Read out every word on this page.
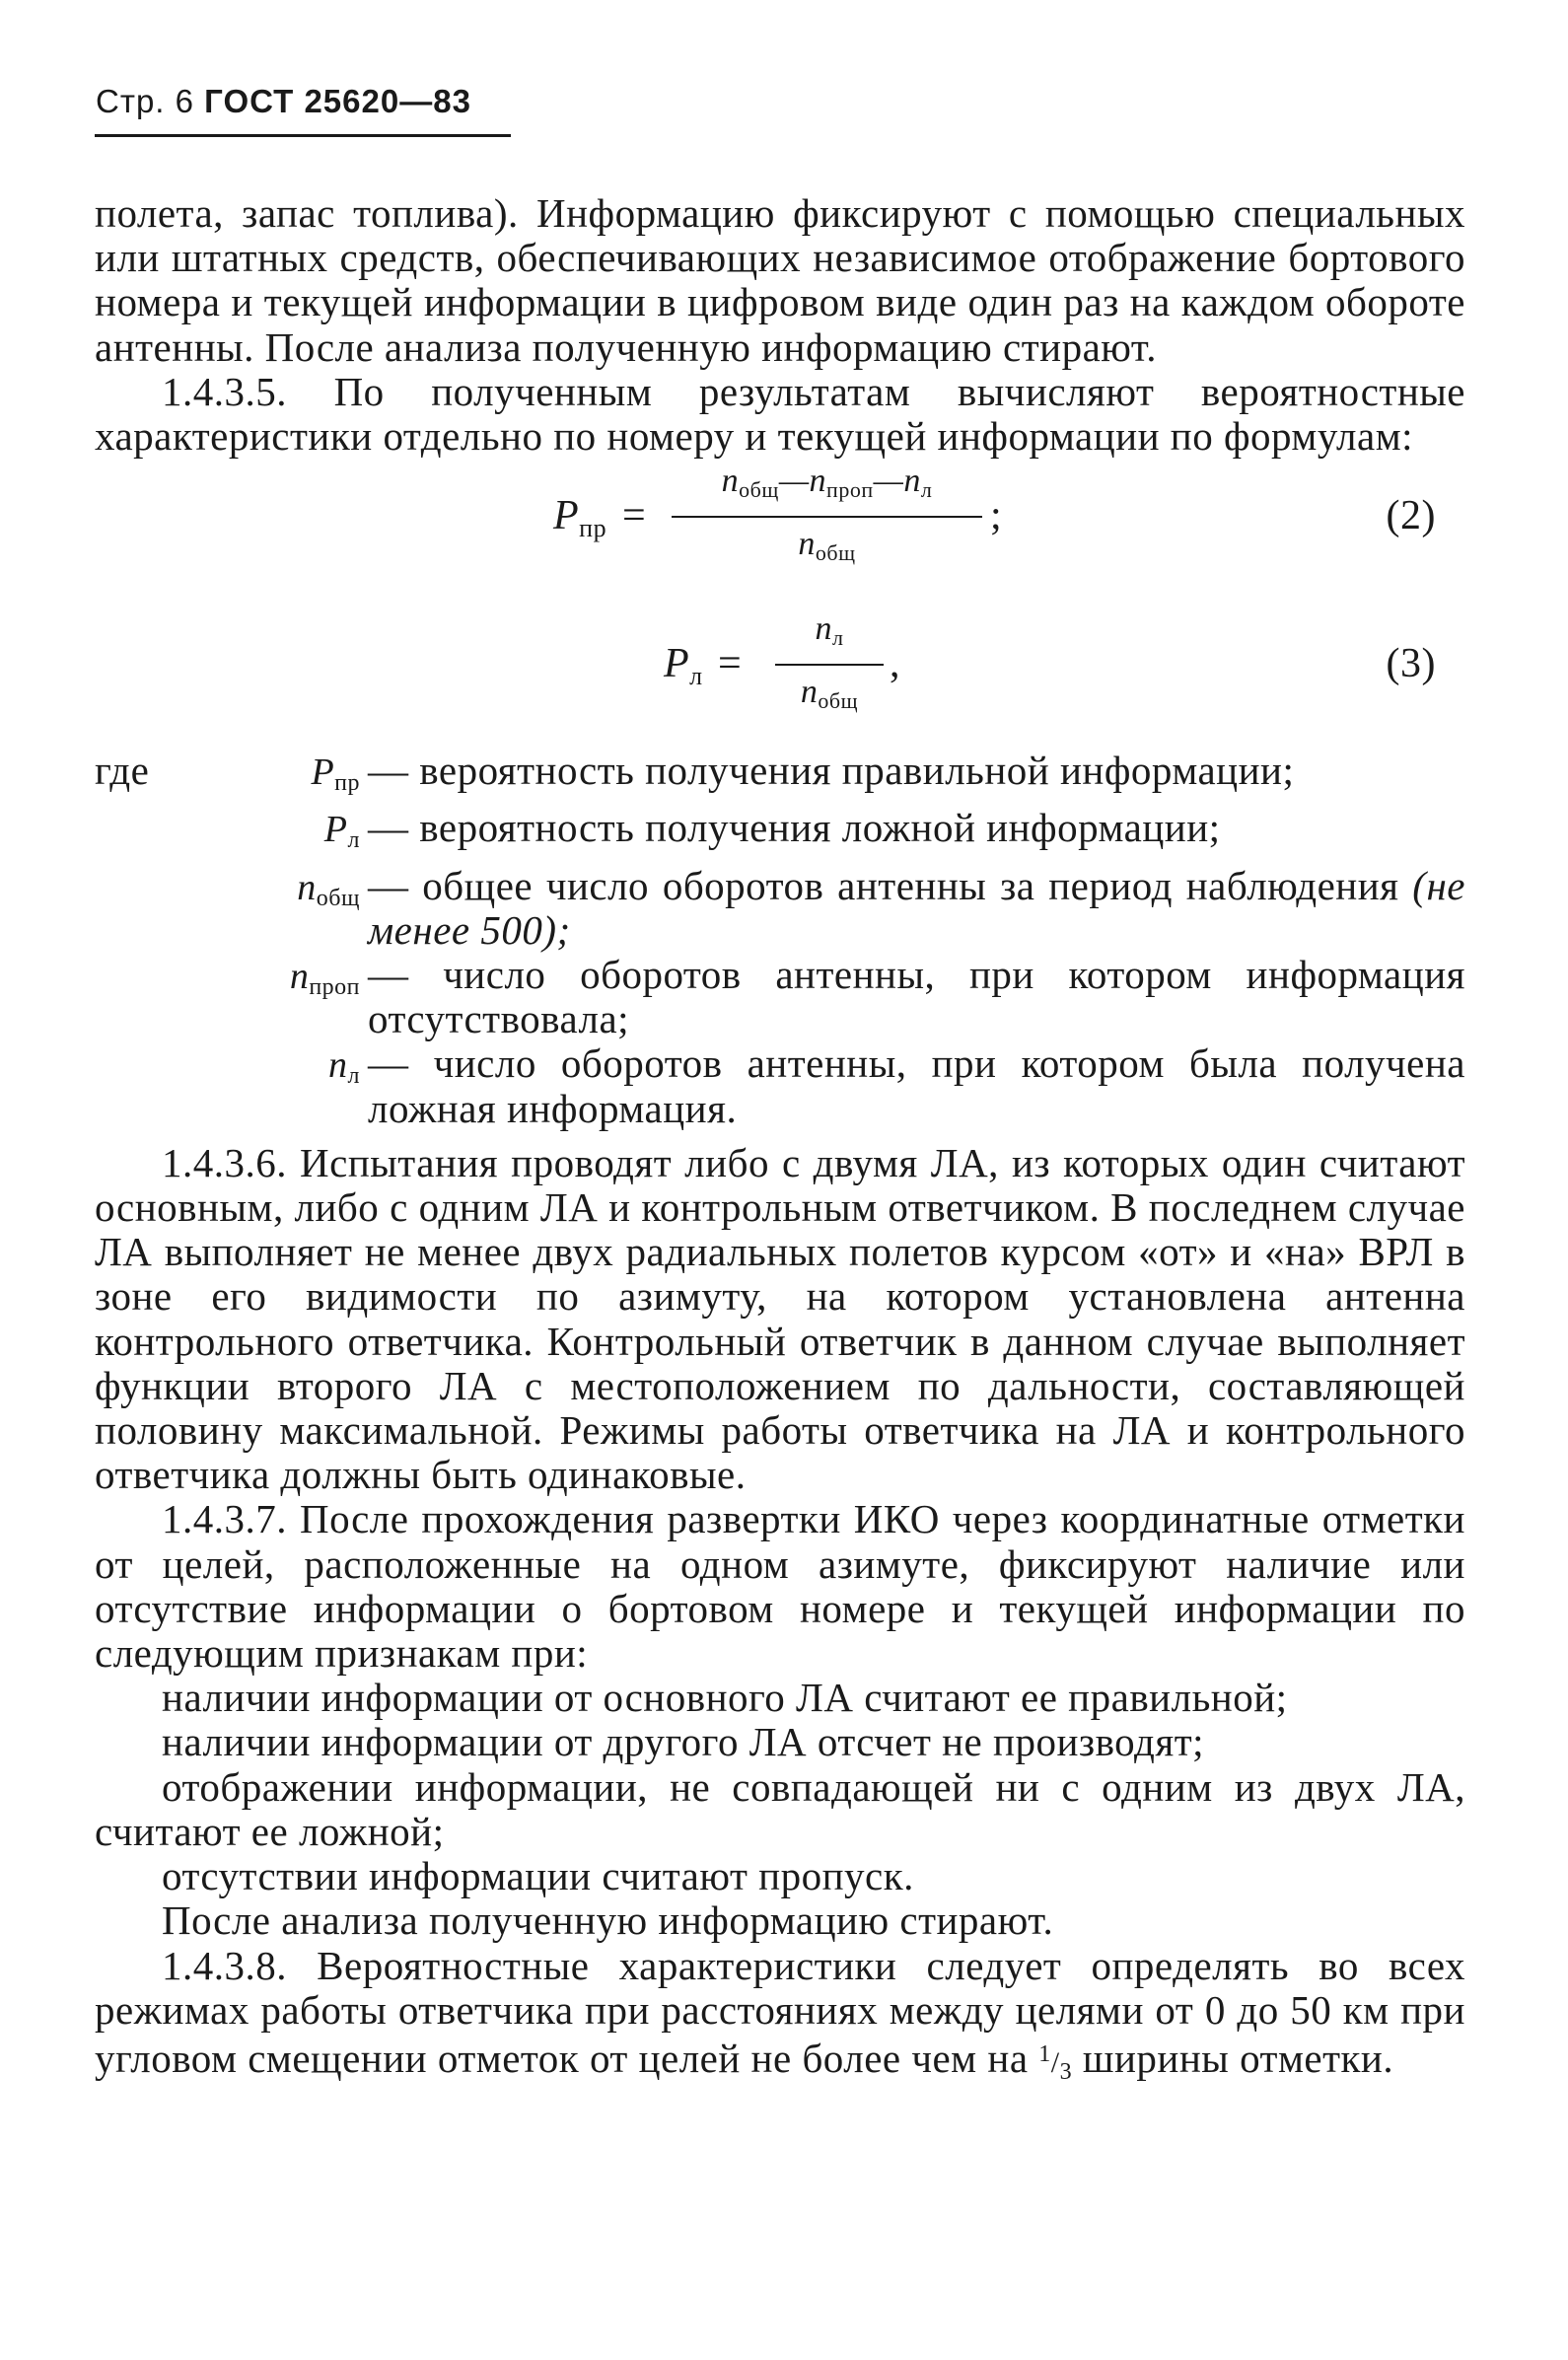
Стр. 6 ГОСТ 25620—83

полета, запас топлива). Информацию фиксируют с помощью специальных или штатных средств, обеспечивающих независимое отображение бортового номера и текущей информации в цифровом виде один раз на каждом обороте антенны. После анализа полученную информацию стирают.

1.4.3.5. По полученным результатам вычисляют вероятностные характеристики отдельно по номеру и текущей информации по формулам:

$P_{пр}$ =
$n_{общ}—n_{проп}—n_л$
$n_{общ}$
;	(2)
$P_л$ =
$n_л$
$n_{общ}$
,	(3)
где	$P_{пр}$ — вероятность получения правильной информации;
$P_л$ — вероятность получения ложной информации;
$n_{общ}$ — общее число оборотов антенны за период наблюдения (не менее 500);
$n_{проп}$ — число оборотов антенны, при котором информация отсутствовала;
$n_л$ — число оборотов антенны, при котором была получена ложная информация.

1.4.3.6. Испытания проводят либо с двумя ЛА, из которых один считают основным, либо с одним ЛА и контрольным ответчиком. В последнем случае ЛА выполняет не менее двух радиальных полетов курсом «от» и «на» ВРЛ в зоне его видимости по азимуту, на котором установлена антенна контрольного ответчика. Контрольный ответчик в данном случае выполняет функции второго ЛА с местоположением по дальности, составляющей половину максимальной. Режимы работы ответчика на ЛА и контрольного ответчика должны быть одинаковые.

1.4.3.7. После прохождения развертки ИКО через координатные отметки от целей, расположенные на одном азимуте, фиксируют наличие или отсутствие информации о бортовом номере и текущей информации по следующим признакам при:

наличии информации от основного ЛА считают ее правильной;

наличии информации от другого ЛА отсчет не производят;

отображении информации, не совпадающей ни с одним из двух ЛА, считают ее ложной;

отсутствии информации считают пропуск.

После анализа полученную информацию стирают.

1.4.3.8. Вероятностные характеристики следует определять во всех режимах работы ответчика при расстояниях между целями от 0 до 50 км при угловом смещении отметок от целей не более чем на $^1/_3$ ширины отметки.
